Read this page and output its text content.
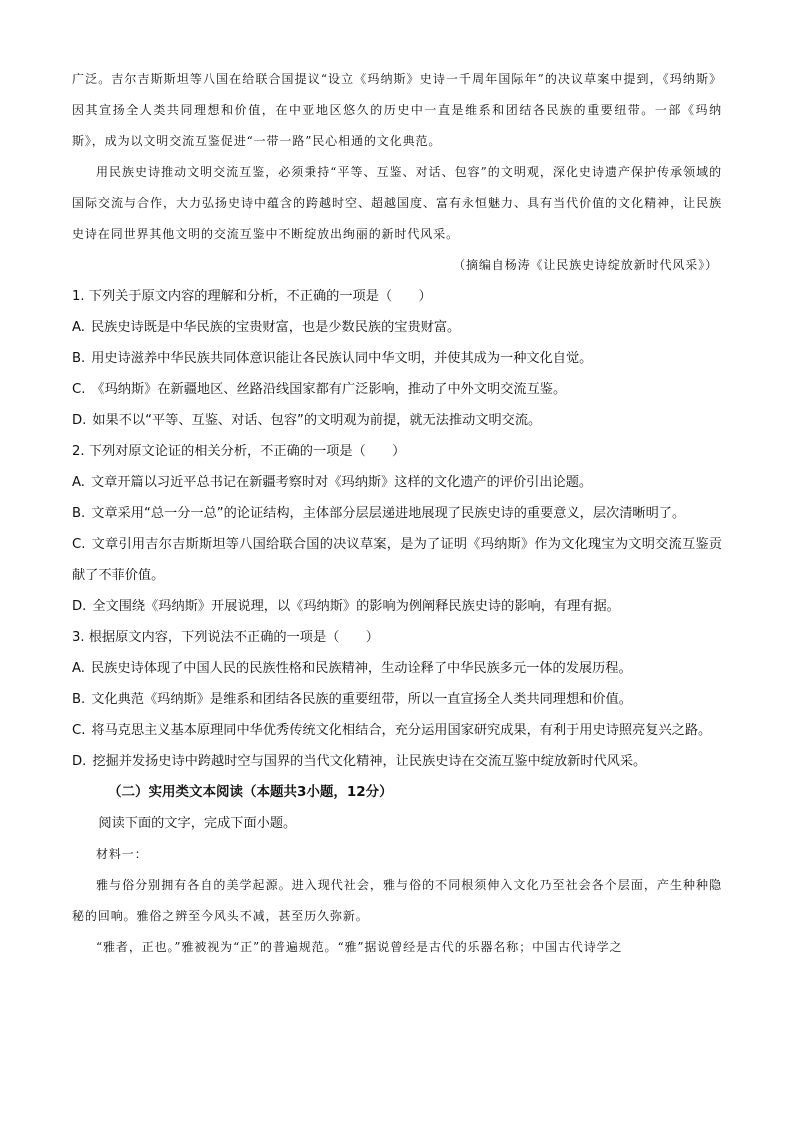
广泛。吉尔吉斯斯坦等八国在给联合国提议“设立《玛纳斯》史诗一千周年国际年”的决议草案中提到，《玛纳斯》因其宣扬全人类共同理想和价值，在中亚地区悠久的历史中一直是维系和团结各民族的重要纽带。一部《玛纳斯》，成为以文明交流互鉴促进“一带一路”民心相通的文化典范。

用民族史诗推动文明交流互鉴，必须秉持“平等、互鉴、对话、包容”的文明观，深化史诗遗产保护传承领域的国际交流与合作，大力弘扬史诗中蕴含的跨越时空、超越国度、富有永恒魅力、具有当代价值的文化精神，让民族史诗在同世界其他文明的交流互鉴中不断绽放出绚丽的新时代风采。

（摘编自杨涛《让民族史诗绽放新时代风采》）

1. 下列关于原文内容的理解和分析，不正确的一项是（　　）

A. 民族史诗既是中华民族的宝贵财富，也是少数民族的宝贵财富。

B. 用史诗滋养中华民族共同体意识能让各民族认同中华文明，并使其成为一种文化自觉。

C. 《玛纳斯》在新疆地区、丝路沿线国家都有广泛影响，推动了中外文明交流互鉴。

D. 如果不以“平等、互鉴、对话、包容”的文明观为前提，就无法推动文明交流。

2. 下列对原文论证的相关分析，不正确的一项是（　　）

A. 文章开篇以习近平总书记在新疆考察时对《玛纳斯》这样的文化遗产的评价引出论题。

B. 文章采用“总一分一总”的论证结构，主体部分层层递进地展现了民族史诗的重要意义，层次清晰明了。

C. 文章引用吉尔吉斯斯坦等八国给联合国的决议草案，是为了证明《玛纳斯》作为文化瑰宝为文明交流互鉴贡献了不菲价值。

D. 全文围绕《玛纳斯》开展说理，以《玛纳斯》的影响为例阐释民族史诗的影响，有理有据。

3. 根据原文内容，下列说法不正确的一项是（　　）

A. 民族史诗体现了中国人民的民族性格和民族精神，生动诠释了中华民族多元一体的发展历程。

B. 文化典范《玛纳斯》是维系和团结各民族的重要纽带，所以一直宣扬全人类共同理想和价值。

C. 将马克思主义基本原理同中华优秀传统文化相结合，充分运用国家研究成果，有利于用史诗照亮复兴之路。

D. 挖掘并发扬史诗中跨越时空与国界的当代文化精神，让民族史诗在交流互鉴中绽放新时代风采。

（二）实用类文本阅读（本题共3小题，12分）

阅读下面的文字，完成下面小题。

材料一：

雅与俗分别拥有各自的美学起源。进入现代社会，雅与俗的不同根须伸入文化乃至社会各个层面，产生种种隐秘的回响。雅俗之辨至今风头不减，甚至历久弥新。

“雅者，正也。”雅被视为“正”的普遍规范。“雅”据说曾经是古代的乐器名称；中国古代诗学之
